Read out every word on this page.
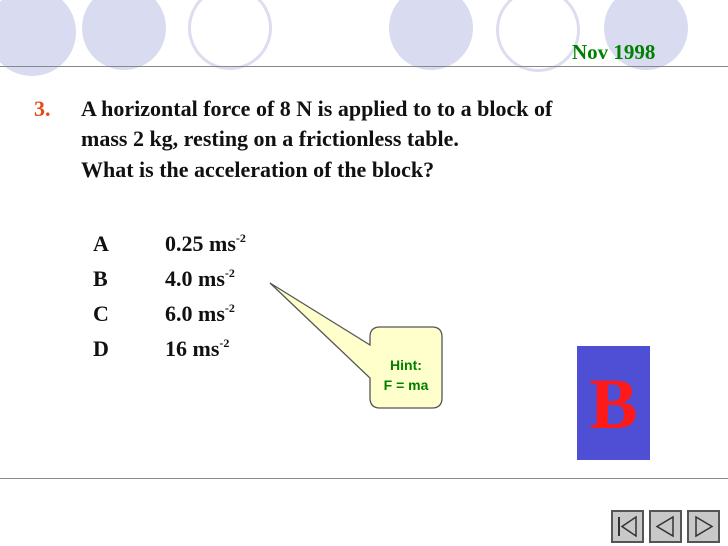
Nov 1998
3. A horizontal force of 8 N is applied to to a block of
mass 2 kg, resting on a frictionless table.
What is the acceleration of the block?
A	0.25 $ms^{-2}$
B	4.0 $ms^{-2}$
C	6.0 $ms^{-2}$
D	16 $ms^{-2}$
Hint:
F = ma B
